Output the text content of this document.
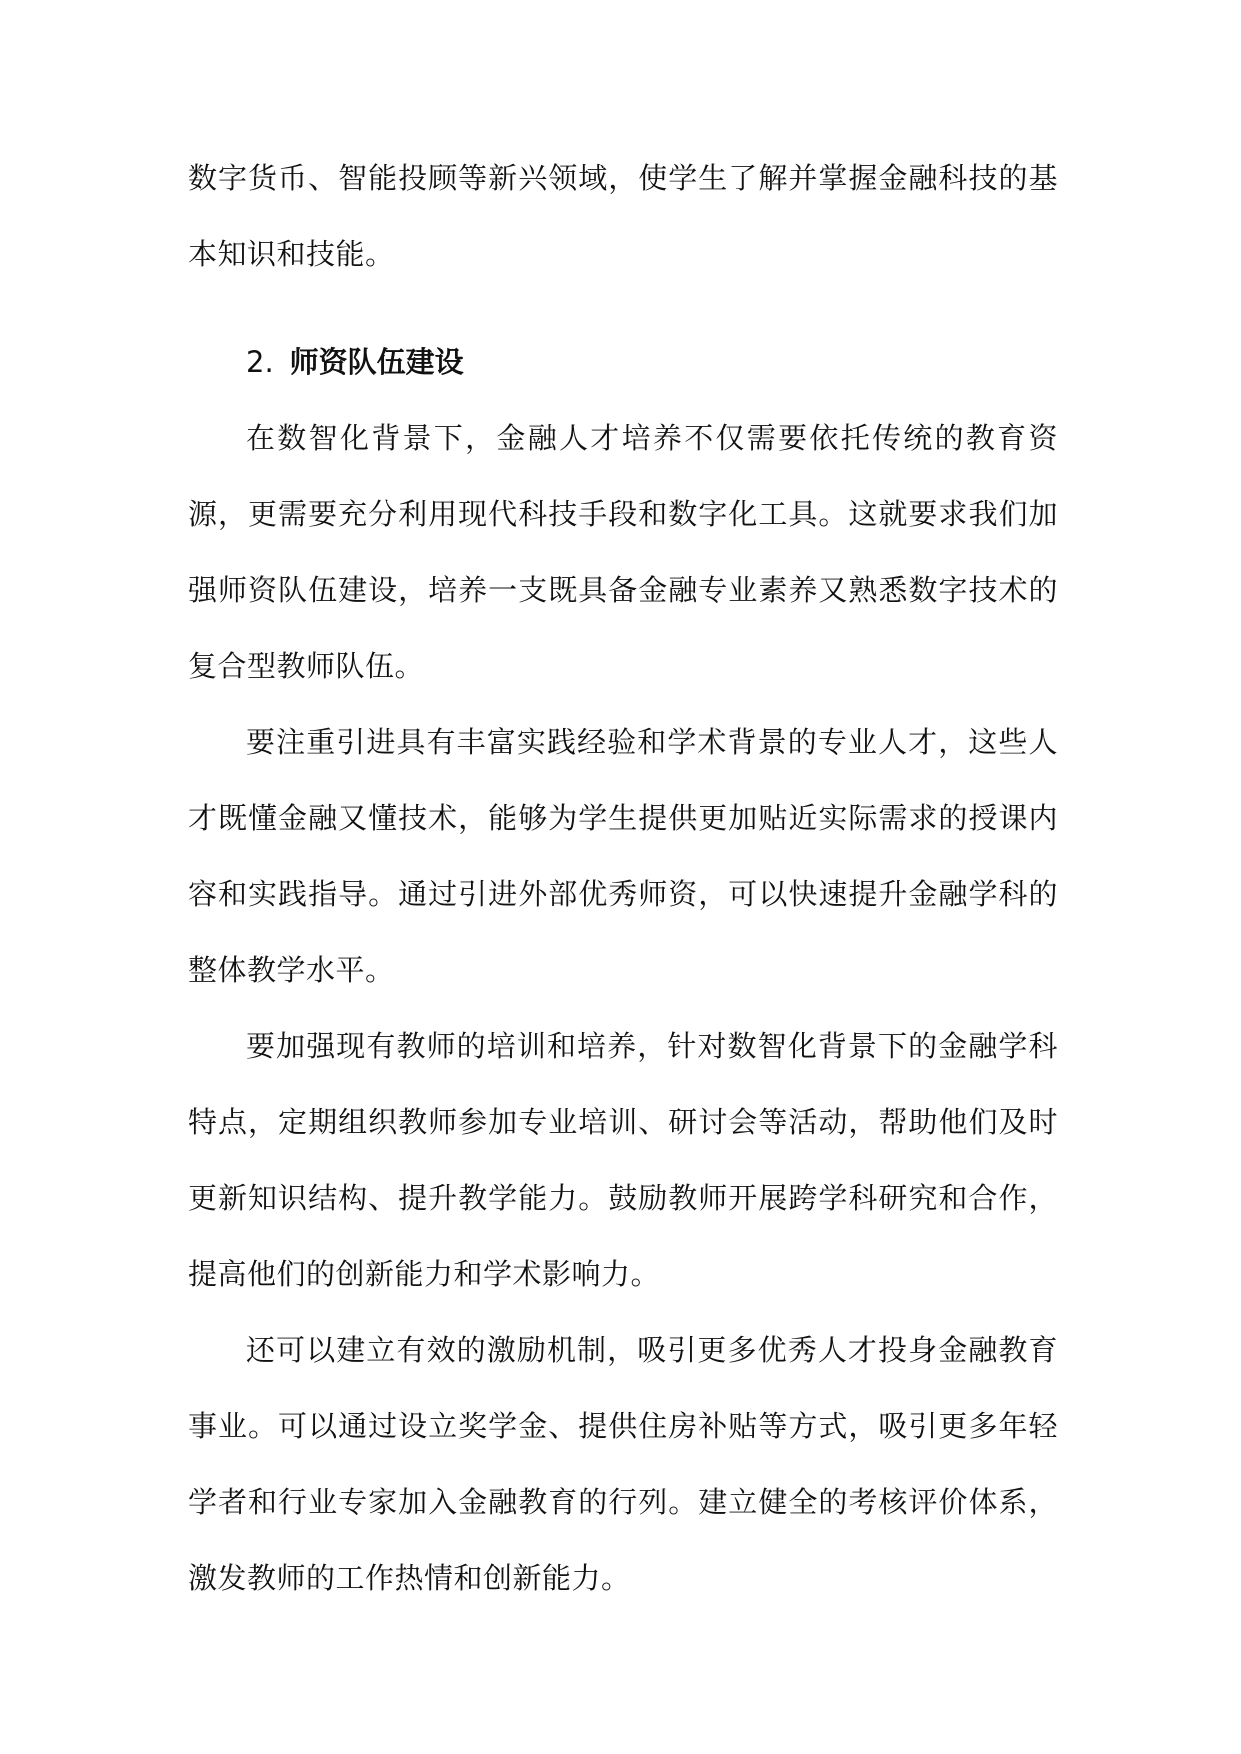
数字货币、智能投顾等新兴领域，使学生了解并掌握金融科技的基本知识和技能。

2. 师资队伍建设

在数智化背景下，金融人才培养不仅需要依托传统的教育资源，更需要充分利用现代科技手段和数字化工具。这就要求我们加强师资队伍建设，培养一支既具备金融专业素养又熟悉数字技术的复合型教师队伍。

要注重引进具有丰富实践经验和学术背景的专业人才，这些人才既懂金融又懂技术，能够为学生提供更加贴近实际需求的授课内容和实践指导。通过引进外部优秀师资，可以快速提升金融学科的整体教学水平。

要加强现有教师的培训和培养，针对数智化背景下的金融学科特点，定期组织教师参加专业培训、研讨会等活动，帮助他们及时更新知识结构、提升教学能力。鼓励教师开展跨学科研究和合作，提高他们的创新能力和学术影响力。

还可以建立有效的激励机制，吸引更多优秀人才投身金融教育事业。可以通过设立奖学金、提供住房补贴等方式，吸引更多年轻学者和行业专家加入金融教育的行列。建立健全的考核评价体系，激发教师的工作热情和创新能力。
